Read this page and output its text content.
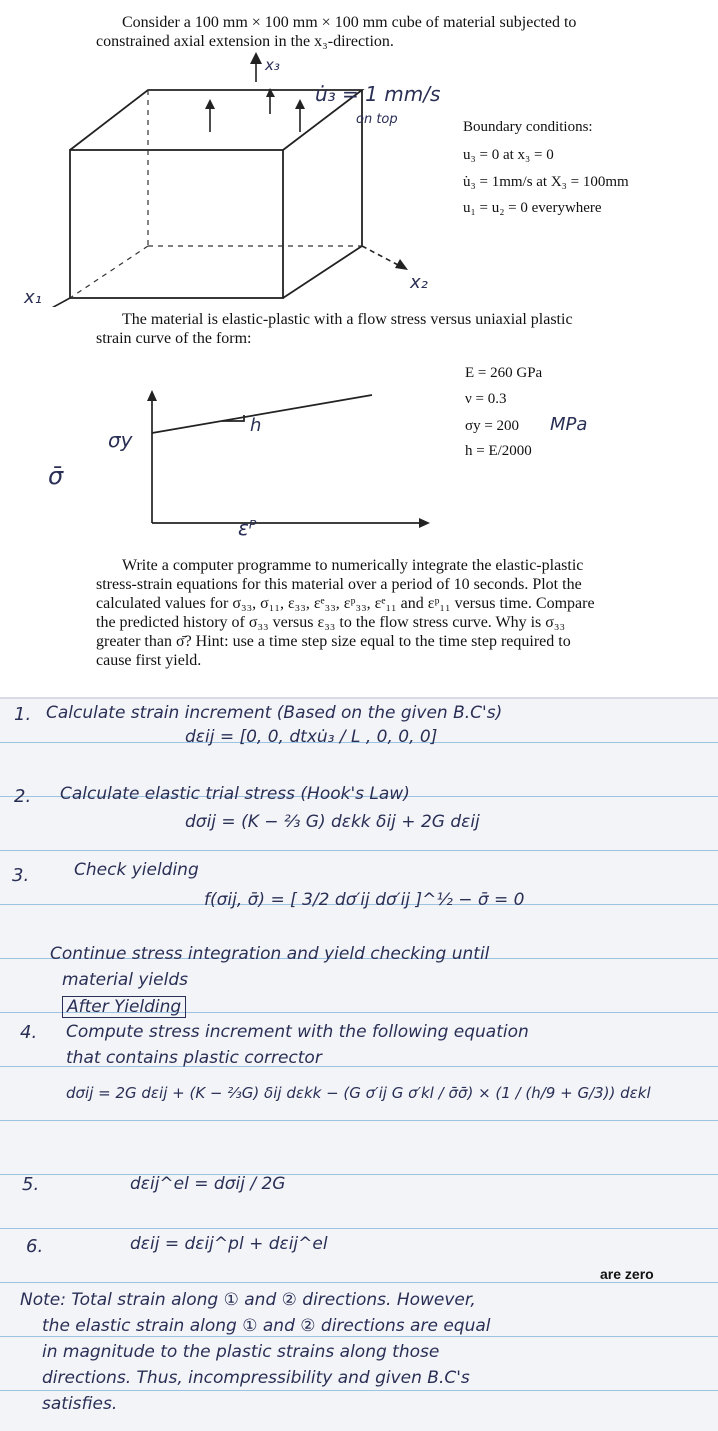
Consider a 100 mm × 100 mm × 100 mm cube of material subjected to
constrained axial extension in the x₃-direction.
x₃
u̇₃ = 1 mm/s
on top
x₂
x₁
Boundary conditions:
u₃ = 0 at x₃ = 0
u̇₃ = 1mm/s at X₃ = 100mm
u₁ = u₂ = 0 everywhere
The material is elastic-plastic with a flow stress versus uniaxial plastic
strain curve of the form:
σy
h
σ̄
εᴾ
E = 260 GPa
ν = 0.3
σy = 200 MPa
h = E/2000
Write a computer programme to numerically integrate the elastic-plastic
stress-strain equations for this material over a period of 10 seconds. Plot the
calculated values for σ₃₃, σ₁₁, ε₃₃, εᵉ₃₃, εᵖ₃₃, εᵉ₁₁ and εᵖ₁₁ versus time. Compare
the predicted history of σ₃₃ versus ε₃₃ to the flow stress curve. Why is σ₃₃
greater than σ̄? Hint: use a time step size equal to the time step required to
cause first yield.
1. Calculate strain increment (Based on the given B.C's)
dεij = [0, 0, dtxu̇₃ / L , 0, 0, 0]
2. Calculate elastic trial stress (Hook's Law)
dσij = (K − ⅔ G) dεkk δij + 2G dεij
3.	Check yielding
f(σij, σ̄) = [ 3/2 dσ′ij dσ′ij ]^½ − σ̄ = 0
Continue stress integration and yield checking until
material yields
After Yielding
4. Compute stress increment with the following equation
that contains plastic corrector
dσij = 2G dεij + (K − ⅔G) δij dεkk − (G σ′ij G σ′kl / σ̄σ̄) × (1 / (h/9 + G/3)) dεkl
5.	dεij^el = dσij / 2G
6.	dεij = dεij^pl + dεij^el
are zero
Note: Total strain along ① and ② directions. However,
the elastic strain along ① and ② directions are equal
in magnitude to the plastic strains along those
directions. Thus, incompressibility and given B.C's
satisfies.
